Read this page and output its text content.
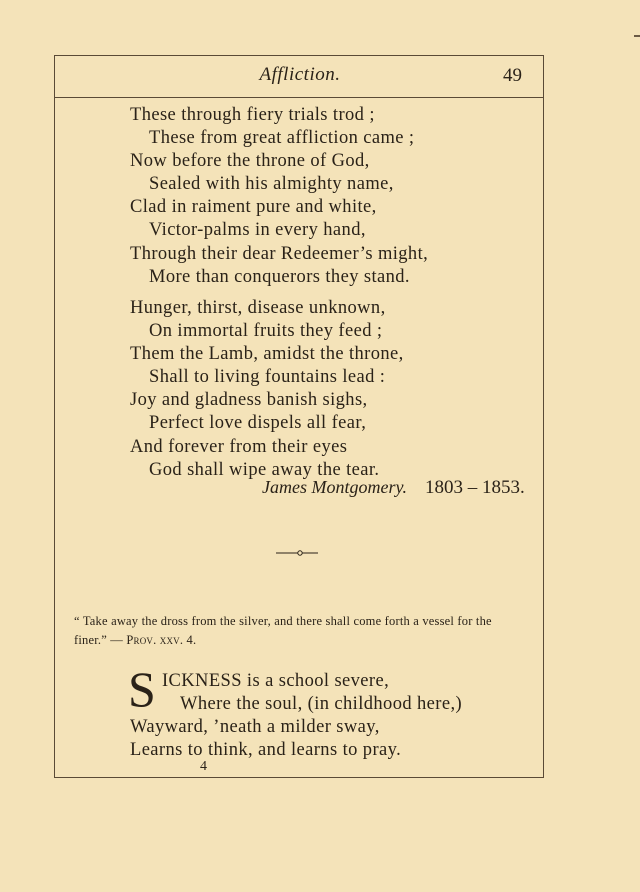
Affliction.	49
These through fiery trials trod ;
These from great affliction came ;
Now before the throne of God,
Sealed with his almighty name,
Clad in raiment pure and white,
Victor-palms in every hand,
Through their dear Redeemer’s might,
More than conquerors they stand.
Hunger, thirst, disease unknown,
On immortal fruits they feed ;
Them the Lamb, amidst the throne,
Shall to living fountains lead :
Joy and gladness banish sighs,
Perfect love dispels all fear,
And forever from their eyes
God shall wipe away the tear.
James Montgomery. 1803 – 1853.
“ Take away the dross from the silver, and there shall come forth a vessel for the finer.” — Prov. xxv. 4.
S ICKNESS is a school severe,
Where the soul, (in childhood here,)
Wayward, ’neath a milder sway,
Learns to think, and learns to pray.
4
